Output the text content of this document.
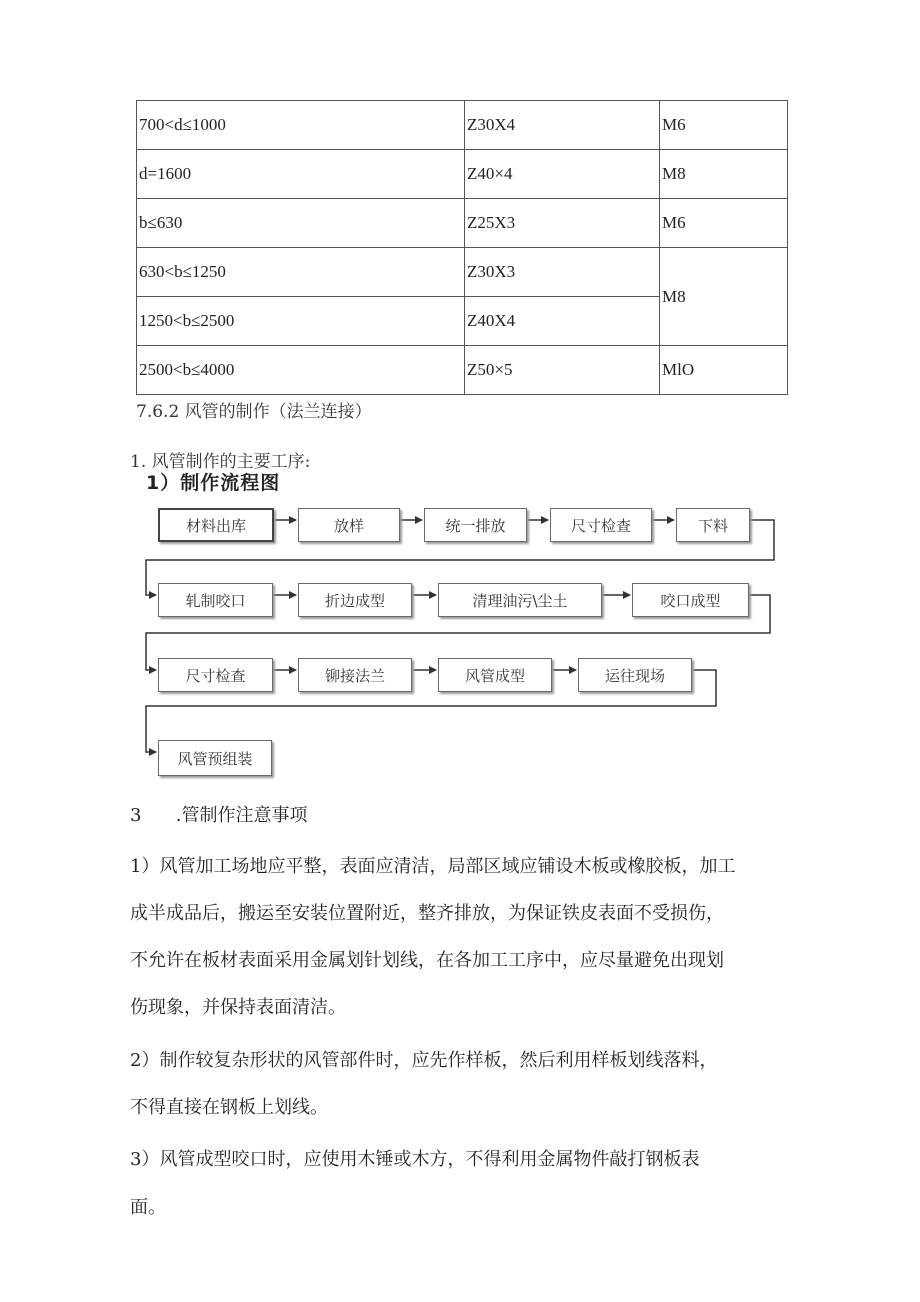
700<d≤1000	Z30X4	M6
d=1600	Z40×4	M8
b≤630	Z25X3	M6
630<b≤1250	Z30X3	M8
1250<b≤2500	Z40X4	
2500<b≤4000	Z50×5	MlO
7.6.2 风管的制作（法兰连接）
1. 风管制作的主要工序:
1）制作流程图
材料出库	放样	统一排放	尺寸检查	下料
轧制咬口	折边成型	清理油污\尘土	咬口成型
尺寸检查	铆接法兰	风管成型	运往现场
风管预组装
3	.管制作注意事项
1）风管加工场地应平整，表面应清洁，局部区域应铺设木板或橡胶板，加工
成半成品后，搬运至安装位置附近，整齐排放，为保证铁皮表面不受损伤，
不允许在板材表面采用金属划针划线，在各加工工序中，应尽量避免出现划
伤现象，并保持表面清洁。
2）制作较复杂形状的风管部件时，应先作样板，然后利用样板划线落料，
不得直接在钢板上划线。
3）风管成型咬口时，应使用木锤或木方，不得利用金属物件敲打钢板表
面。
